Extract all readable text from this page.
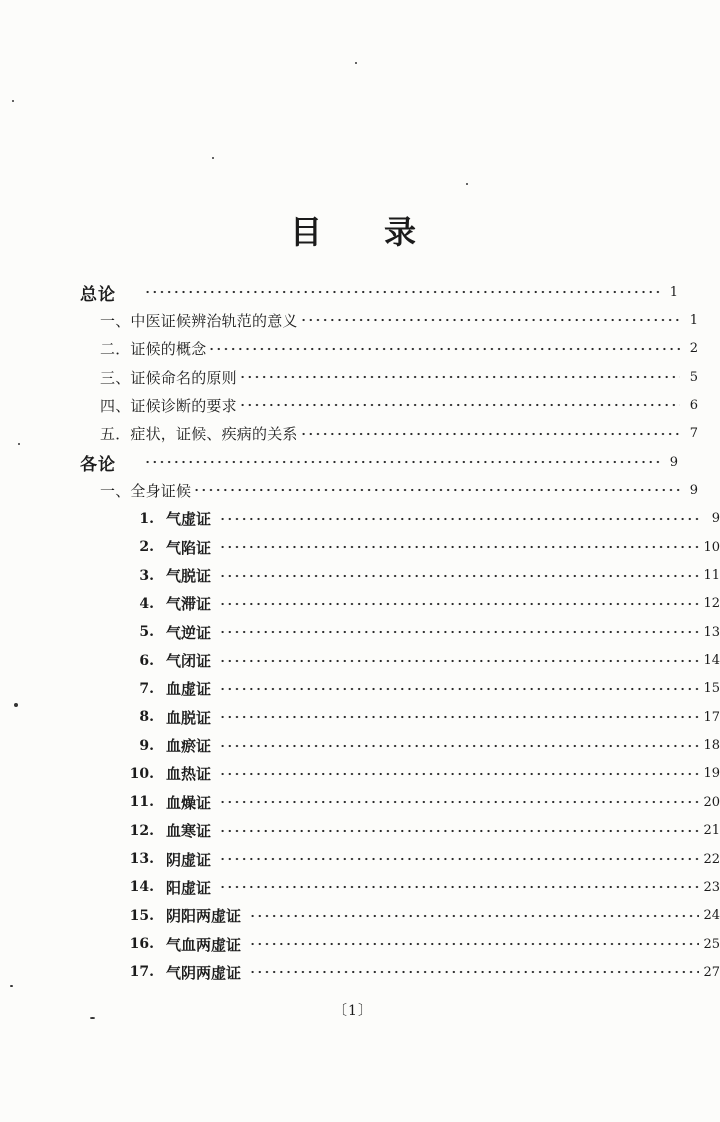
目 录
总论	1
一、中医证候辨治轨范的意义	1
二．证候的概念	2
三、证候命名的原则	5
四、证候诊断的要求	6
五．症状，证候、疾病的关系	7
各论	9
一、全身证候	9
1. 气虚证	9
2. 气陷证	10
3. 气脱证	11
4. 气滞证	12
5. 气逆证	13
6. 气闭证	14
7. 血虚证	15
8. 血脱证	17
9. 血瘀证	18
10. 血热证	19
11. 血燥证	20
12. 血寒证	21
13. 阴虚证	22
14. 阳虚证	23
15. 阴阳两虚证	24
16. 气血两虚证	25
17. 气阴两虚证	27
〔1〕
